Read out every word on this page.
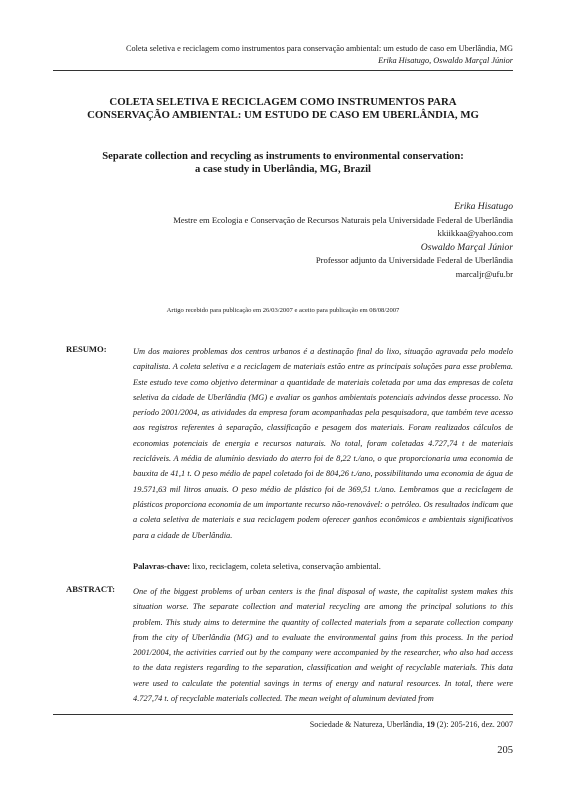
Coleta seletiva e reciclagem como instrumentos para conservação ambiental: um estudo de caso em Uberlândia, MG
Erika Hisatugo, Oswaldo Marçal Júnior
COLETA SELETIVA E RECICLAGEM COMO INSTRUMENTOS PARA
CONSERVAÇÃO AMBIENTAL: UM ESTUDO DE CASO EM UBERLÂNDIA, MG
Separate collection and recycling as instruments to environmental conservation:
a case study in Uberlândia, MG, Brazil
Erika Hisatugo
Mestre em Ecologia e Conservação de Recursos Naturais pela Universidade Federal de Uberlândia
kkiikkaa@yahoo.com
Oswaldo Marçal Júnior
Professor adjunto da Universidade Federal de Uberlândia
marcaljr@ufu.br
Artigo recebido para publicação em 26/03/2007 e aceito para publicação em 08/08/2007
RESUMO:	Um dos maiores problemas dos centros urbanos é a destinação final do lixo, situação agravada pelo modelo capitalista. A coleta seletiva e a reciclagem de materiais estão entre as principais soluções para esse problema. Este estudo teve como objetivo determinar a quantidade de materiais coletada por uma das empresas de coleta seletiva da cidade de Uberlândia (MG) e avaliar os ganhos ambientais potenciais advindos desse processo. No período 2001/2004, as atividades da empresa foram acompanhadas pela pesquisadora, que também teve acesso aos registros referentes à separação, classificação e pesagem dos materiais. Foram realizados cálculos de economias potenciais de energia e recursos naturais. No total, foram coletadas 4.727,74 t de materiais recicláveis. A média de alumínio desviado do aterro foi de 8,22 t./ano, o que proporcionaria uma economia de bauxita de 41,1 t. O peso médio de papel coletado foi de 804,26 t./ano, possibilitando uma economia de água de 19.571,63 mil litros anuais. O peso médio de plástico foi de 369,51 t./ano. Lembramos que a reciclagem de plásticos proporciona economia de um importante recurso não-renovável: o petróleo. Os resultados indicam que a coleta seletiva de materiais e sua reciclagem podem oferecer ganhos econômicos e ambientais significativos para a cidade de Uberlândia.
Palavras-chave: lixo, reciclagem, coleta seletiva, conservação ambiental.
ABSTRACT: One of the biggest problems of urban centers is the final disposal of waste, the capitalist system makes this situation worse. The separate collection and material recycling are among the principal solutions to this problem. This study aims to determine the quantity of collected materials from a separate collection company from the city of Uberlândia (MG) and to evaluate the environmental gains from this process. In the period 2001/2004, the activities carried out by the company were accompanied by the researcher, who also had access to the data registers regarding to the separation, classification and weight of recyclable materials. This data were used to calculate the potential savings in terms of energy and natural resources. In total, there were 4.727,74 t. of recyclable materials collected. The mean weight of aluminum deviated from
Sociedade & Natureza, Uberlândia, 19 (2): 205-216, dez. 2007
205
